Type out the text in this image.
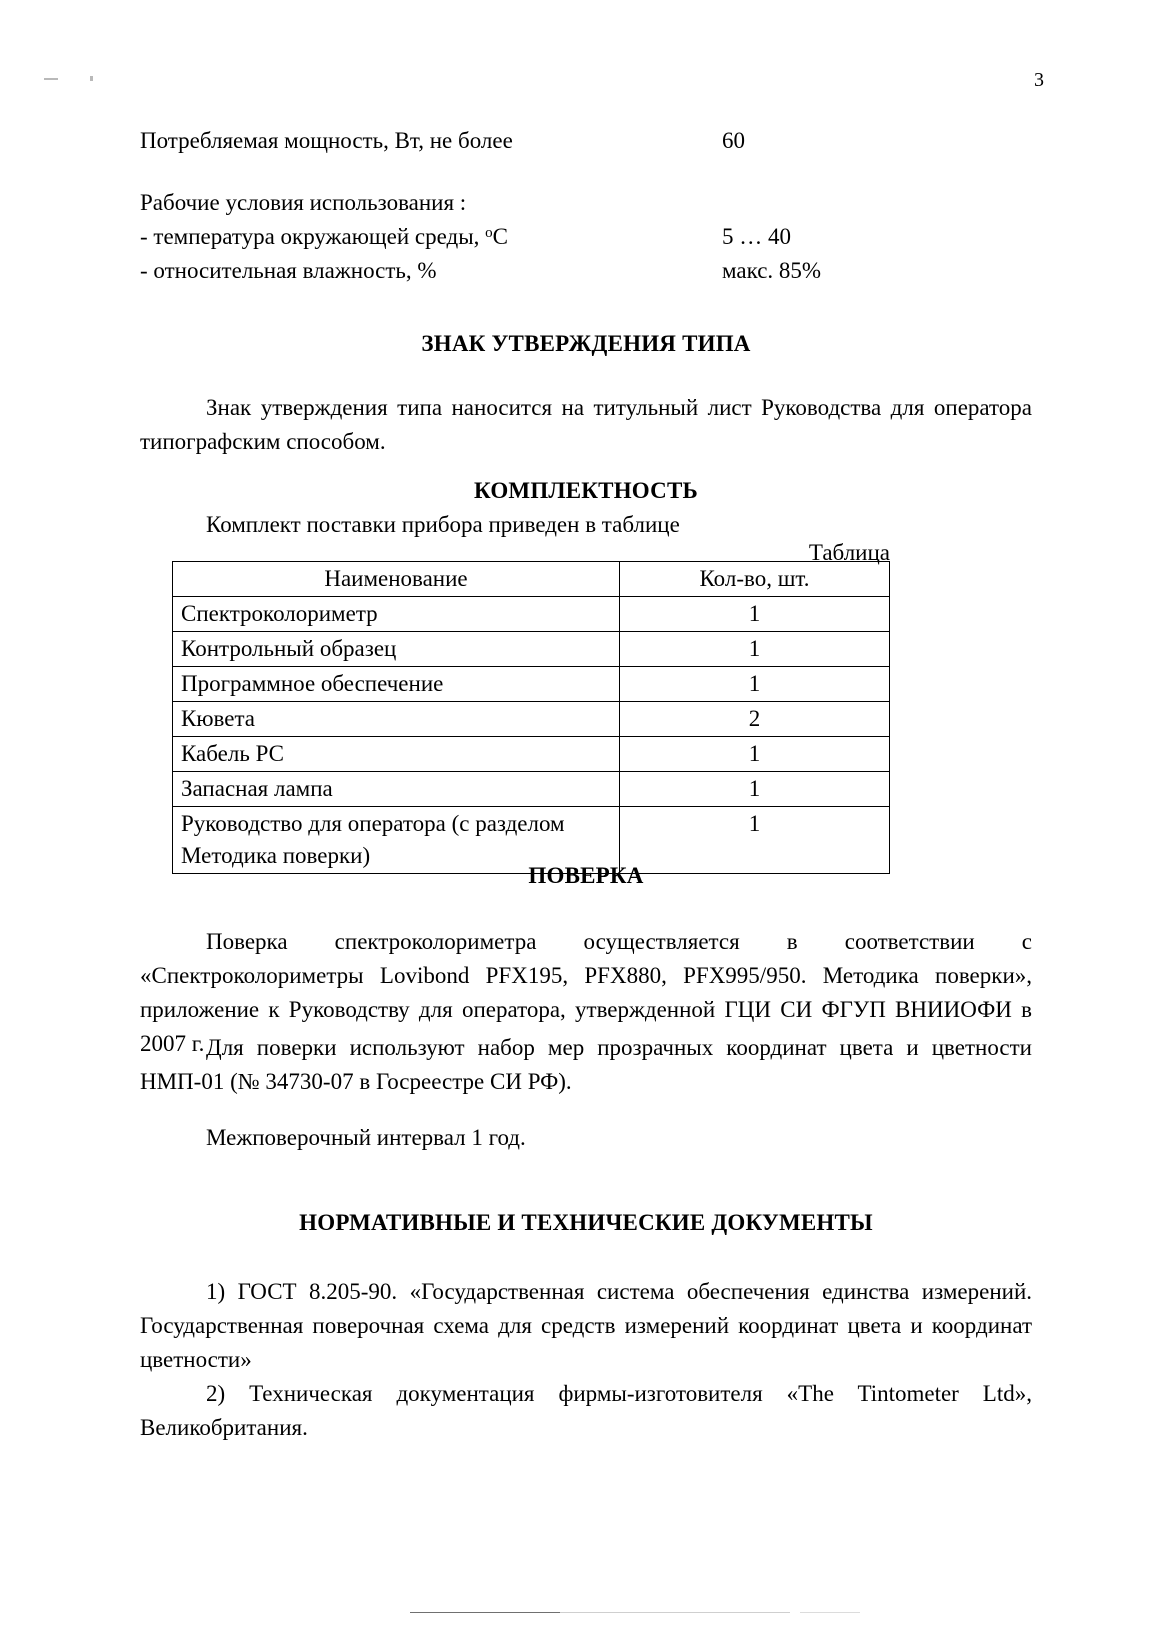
3
Потребляемая мощность, Вт, не более	60
Рабочие условия использования :
- температура окружающей среды, $^o$C	5 … 40
- относительная влажность, %	макс. 85%
ЗНАК УТВЕРЖДЕНИЯ ТИПА
Знак утверждения типа наносится на титульный лист Руководства для оператора типографским способом.
КОМПЛЕКТНОСТЬ
Комплект поставки прибора приведен в таблице
Таблица
Наименование	Кол-во, шт.
Спектроколориметр	1
Контрольный образец	1
Программное обеспечение	1
Кювета	2
Кабель РС	1
Запасная лампа	1
Руководство для оператора (с разделом Методика поверки)	1
ПОВЕРКА
Поверка спектроколориметра осуществляется в соответствии с «Спектроколориметры Lovibond PFX195, PFX880, PFX995/950. Методика поверки», приложение к Руководству для оператора, утвержденной ГЦИ СИ ФГУП ВНИИОФИ в 2007 г. Для поверки используют набор мер прозрачных координат цвета и цветности НМП-01 (№ 34730-07 в Госреестре СИ РФ).
Межповерочный интервал 1 год.
НОРМАТИВНЫЕ И ТЕХНИЧЕСКИЕ ДОКУМЕНТЫ
1) ГОСТ 8.205-90. «Государственная система обеспечения единства измерений. Государственная поверочная схема для средств измерений координат цвета и координат цветности»
2) Техническая документация фирмы-изготовителя «The Tintometer Ltd», Великобритания.
